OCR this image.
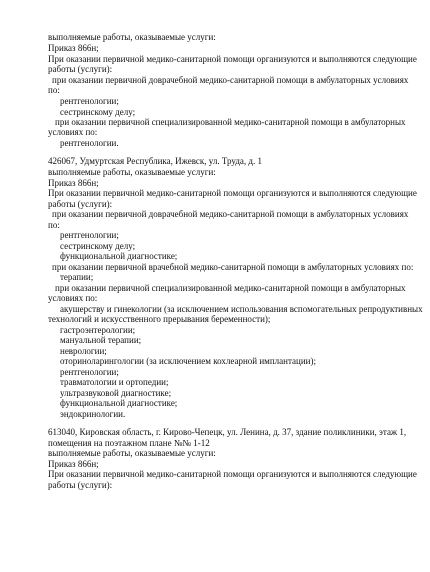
выполняемые работы, оказываемые услуги:
Приказ 866н;
При оказании первичной медико-санитарной помощи организуются и выполняются следующие
работы (услуги):
при оказании первичной доврачебной медико-санитарной помощи в амбулаторных условиях
по:
рентгенологии;
сестринскому делу;
при оказании первичной специализированной медико-санитарной помощи в амбулаторных
условиях по:
рентгенологии.
426067, Удмуртская Республика, Ижевск, ул. Труда, д. 1
выполняемые работы, оказываемые услуги:
Приказ 866н;
При оказании первичной медико-санитарной помощи организуются и выполняются следующие
работы (услуги):
при оказании первичной доврачебной медико-санитарной помощи в амбулаторных условиях
по:
рентгенологии;
сестринскому делу;
функциональной диагностике;
при оказании первичной врачебной медико-санитарной помощи в амбулаторных условиях по:
терапии;
при оказании первичной специализированной медико-санитарной помощи в амбулаторных
условиях по:
акушерству и гинекологии (за исключением использования вспомогательных репродуктивных
технологий и искусственного прерывания беременности);
гастроэнтерологии;
мануальной терапии;
неврологии;
оториноларингологии (за исключением кохлеарной имплантации);
рентгенологии;
травматологии и ортопедии;
ультразвуковой диагностике;
функциональной диагностике;
эндокринологии.
613040, Кировская область, г. Кирово-Чепецк, ул. Ленина, д. 37, здание поликлиники, этаж 1,
помещения на поэтажном плане №№ 1-12
выполняемые работы, оказываемые услуги:
Приказ 866н;
При оказании первичной медико-санитарной помощи организуются и выполняются следующие
работы (услуги):
